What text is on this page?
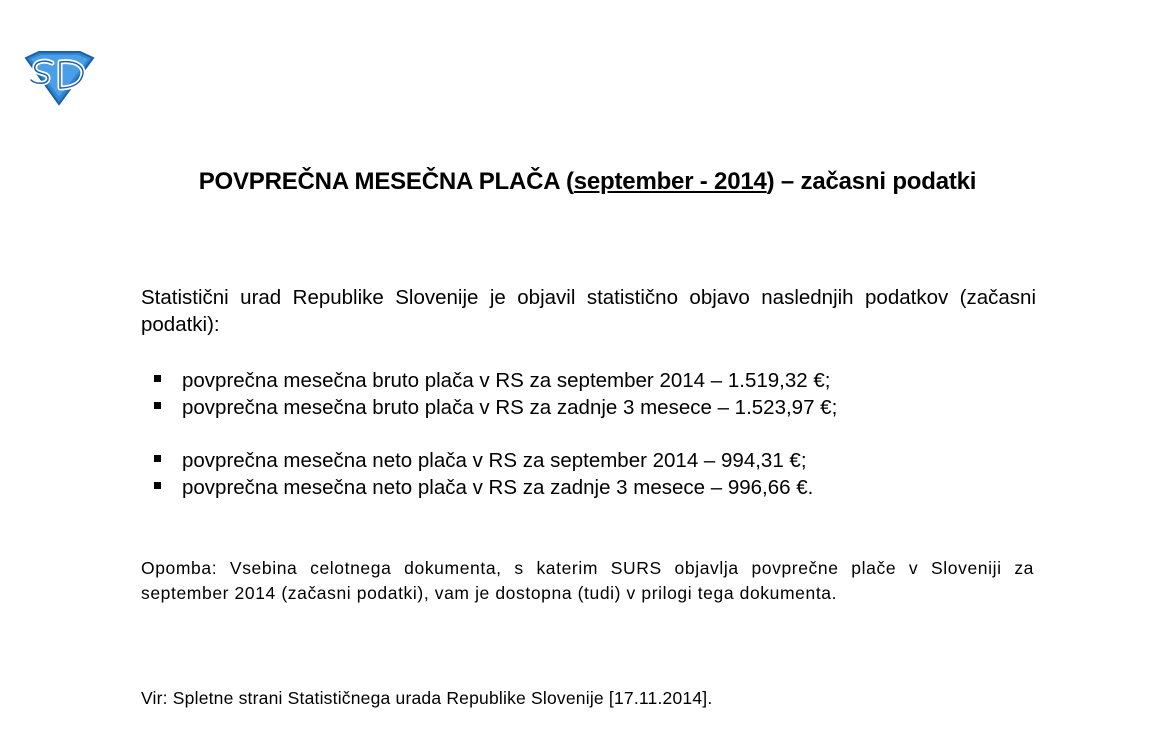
POVPREČNA MESEČNA PLAČA (september - 2014) – začasni podatki
Statistični urad Republike Slovenije je objavil statistično objavo naslednjih podatkov (začasni podatki):
povprečna mesečna bruto plača v RS za september 2014 – 1.519,32 €;
povprečna mesečna bruto plača v RS za zadnje 3 mesece – 1.523,97 €;
povprečna mesečna neto plača v RS za september 2014 – 994,31 €;
povprečna mesečna neto plača v RS za zadnje 3 mesece – 996,66 €.
Opomba: Vsebina celotnega dokumenta, s katerim SURS objavlja povprečne plače v Sloveniji za september 2014 (začasni podatki), vam je dostopna (tudi) v prilogi tega dokumenta.
Vir: Spletne strani Statističnega urada Republike Slovenije [17.11.2014].
